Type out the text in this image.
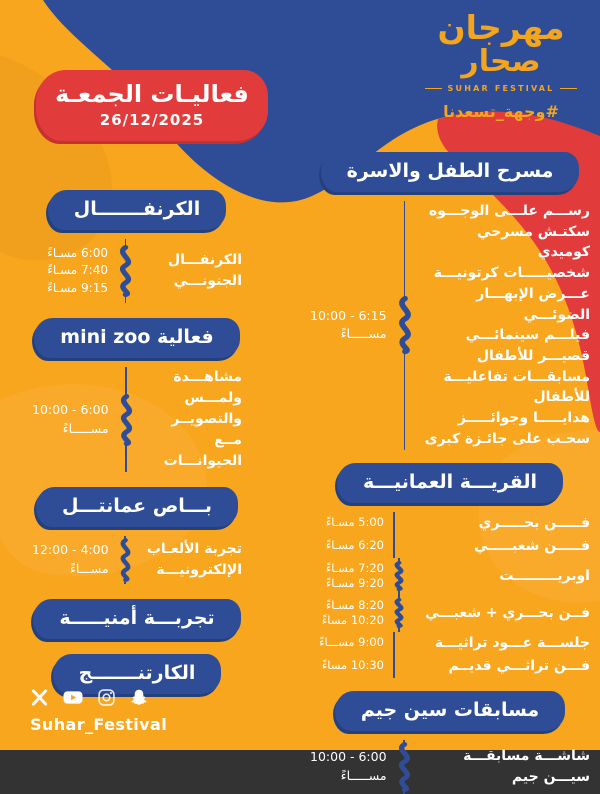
مهرجان
صحار
SUHAR FESTIVAL
#وجهة_تسعدنا
فعاليـات الجمعـة
26/12/2025
الكرنفـــــــال
الكرنفـــال الجنونـــي
6:00 مسـاءً
7:40 مسـاءً
9:15 مسـاءً
فعالية mini zoo
مشاهـــدة ولمـــس والتصويــر مــع الحيوانـــات
10:00 - 6:00
مســـــاءً
بـــاص عمانتـــل
تجربة الألعـاب الإلكترونيـــة
12:00 - 4:00
مســـاءً
تجربـــة أمنيـــــة
الكارتنـــــــج
مسرح الطفل والاسرة
رســـم علـــى الوجـــوه
سكتـش مسرحي كوميدي
شخصيـــــات كرتونيـــة
عـــرض الإبهـــار الضوئـــي
فيلـــم سينمائـــي قصيـــر للأطفال
مسابقـــات تفاعليـــة للأطفال
هدايـــــا وجوائـــــز
سحـب على جائـزة كبرى
10:00 - 6:15
مســـــاءً
القريـــة العمانيـــة
فـــــن بحـــــري
5:00 مسـاءً
فـــــن شعبـــــي
6:20 مسـاءً
اوبريـــــــــت
7:20 مسـاءً
9:20 مسـاءً
فــن بحـــري + شعبـــي
8:20 مسـاءً
10:20 مساءً
جلســـة عـــود تراثيـــة
9:00 مســـاءً
فـــن تراثـــي قديــم
10:30 مساءً
مسابقات سين جيم
شاشـــة مسابقـــة سيـــن جيم
10:00 - 6:00
مســـــاءً
Suhar_Festival
